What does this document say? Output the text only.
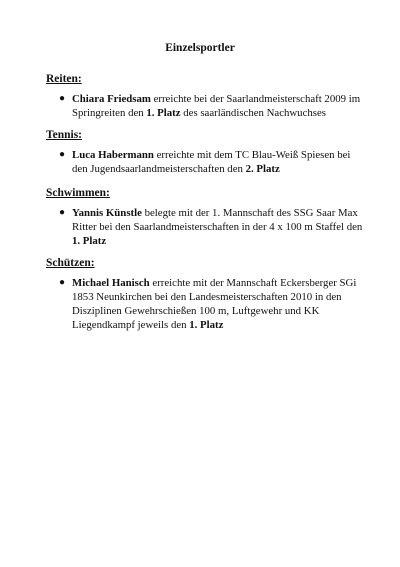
Einzelsportler

Reiten:

● Chiara Friedsam erreichte bei der Saarlandmeisterschaft 2009 im Springreiten den 1. Platz des saarländischen Nachwuchses

Tennis:

● Luca Habermann erreichte mit dem TC Blau-Weiß Spiesen bei den Jugendsaarlandmeisterschaften den 2. Platz

Schwimmen:

● Yannis Künstle belegte mit der 1. Mannschaft des SSG Saar Max Ritter bei den Saarlandmeisterschaften in der 4 x 100 m Staffel den 1. Platz

Schützen:

● Michael Hanisch erreichte mit der Mannschaft Eckersberger SGi 1853 Neunkirchen bei den Landesmeisterschaften 2010 in den Disziplinen Gewehrschießen 100 m, Luftgewehr und KK Liegendkampf jeweils den 1. Platz
